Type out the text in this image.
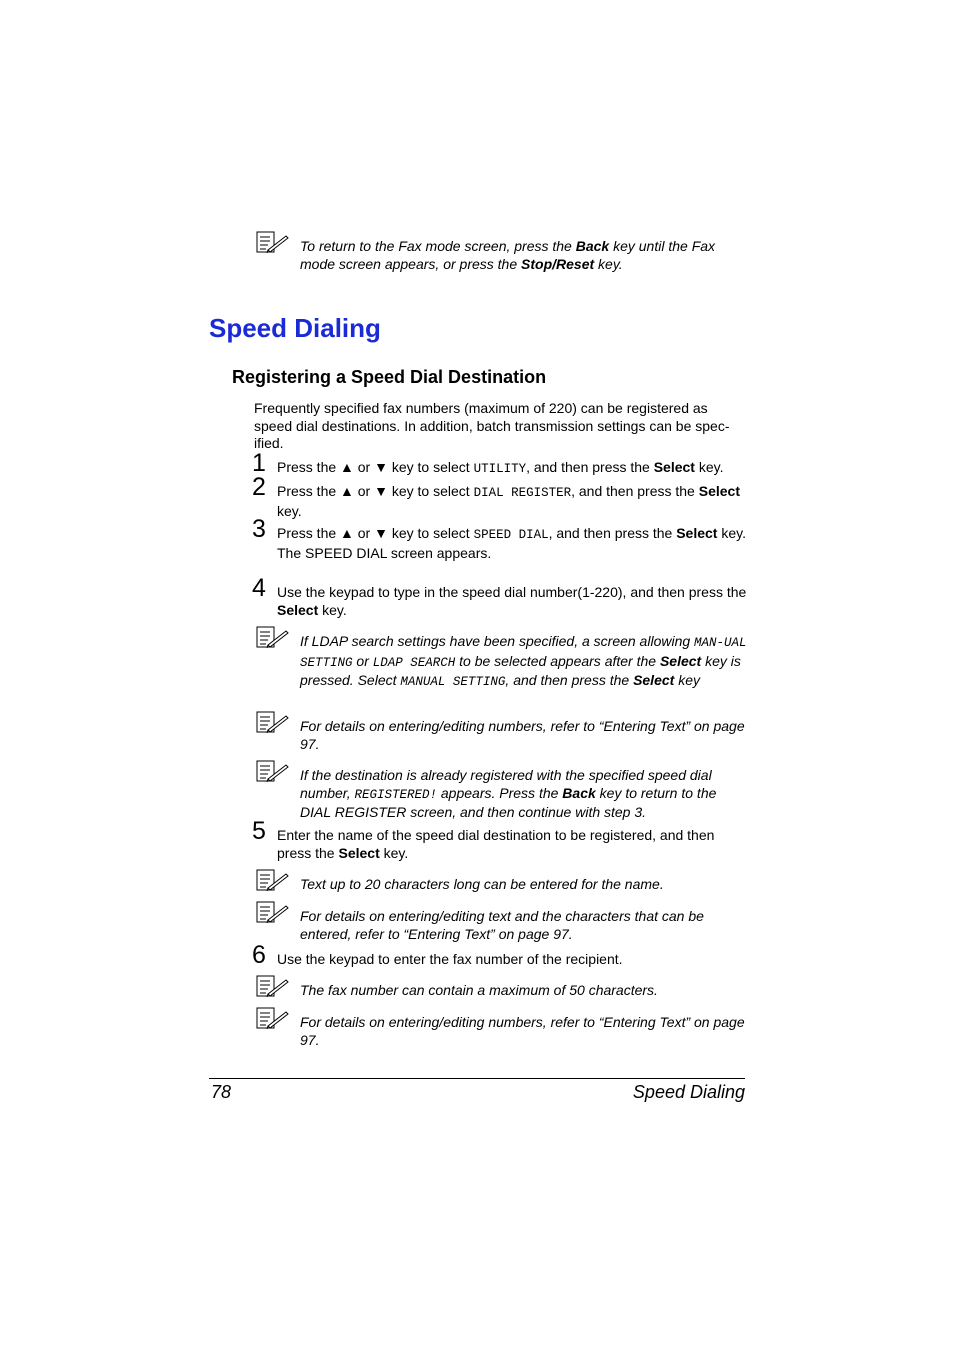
To return to the Fax mode screen, press the Back key until the Fax mode screen appears, or press the Stop/Reset key.
Speed Dialing
Registering a Speed Dial Destination
Frequently specified fax numbers (maximum of 220) can be registered as speed dial destinations. In addition, batch transmission settings can be spec-ified.
1 Press the ▲ or ▼ key to select UTILITY, and then press the Select key.
2 Press the ▲ or ▼ key to select DIAL REGISTER, and then press the Select key.
3 Press the ▲ or ▼ key to select SPEED DIAL, and then press the Select key.
The SPEED DIAL screen appears.
4 Use the keypad to type in the speed dial number(1-220), and then press the Select key.
If LDAP search settings have been specified, a screen allowing MAN-UAL SETTING or LDAP SEARCH to be selected appears after the Select key is pressed. Select MANUAL SETTING, and then press the Select key
For details on entering/editing numbers, refer to “Entering Text” on page 97.
If the destination is already registered with the specified speed dial number, REGISTERED! appears. Press the Back key to return to the DIAL REGISTER screen, and then continue with step 3.
5 Enter the name of the speed dial destination to be registered, and then press the Select key.
Text up to 20 characters long can be entered for the name.
For details on entering/editing text and the characters that can be entered, refer to “Entering Text” on page 97.
6 Use the keypad to enter the fax number of the recipient.
The fax number can contain a maximum of 50 characters.
For details on entering/editing numbers, refer to “Entering Text” on page 97.
78	Speed Dialing
